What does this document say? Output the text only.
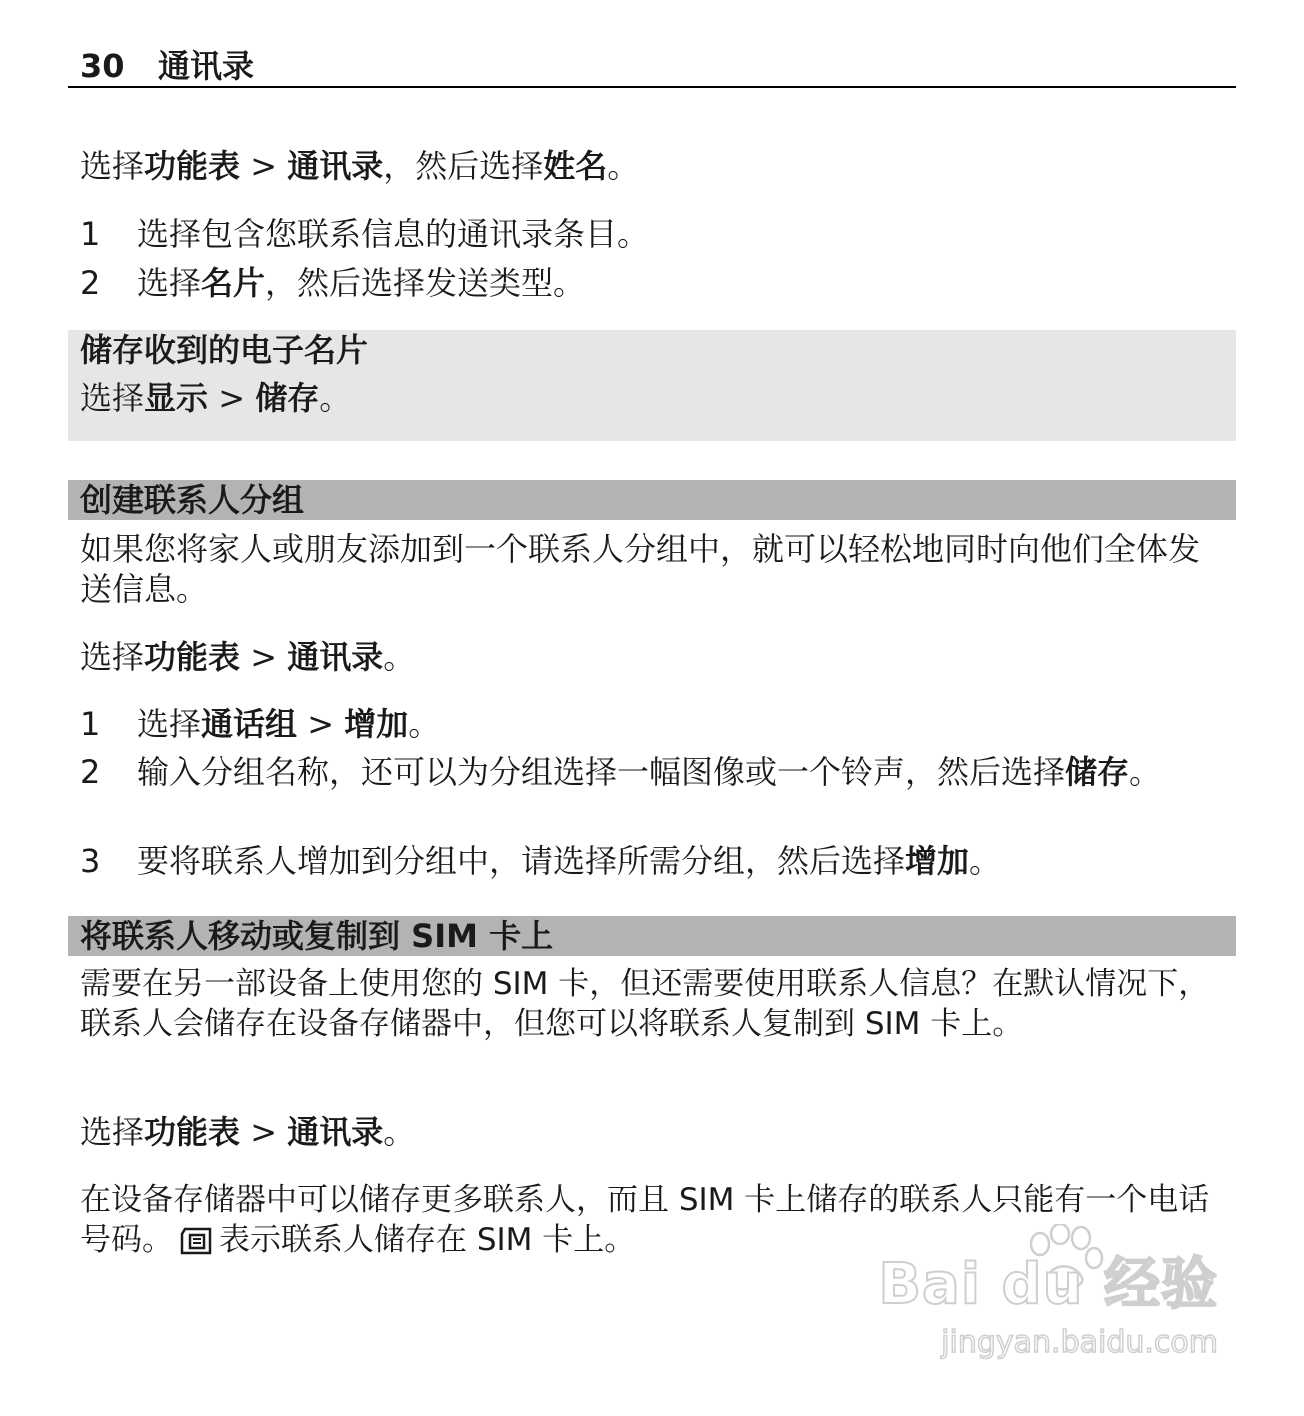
30 通讯录
选择功能表 > 通讯录，然后选择姓名。
1 选择包含您联系信息的通讯录条目。
2 选择名片，然后选择发送类型。
储存收到的电子名片
选择显示 > 储存。
创建联系人分组
如果您将家人或朋友添加到一个联系人分组中，就可以轻松地同时向他们全体发送信息。
选择功能表 > 通讯录。
1 选择通话组 > 增加。
2 输入分组名称，还可以为分组选择一幅图像或一个铃声，然后选择储存。
3 要将联系人增加到分组中，请选择所需分组，然后选择增加。
将联系人移动或复制到 SIM 卡上
需要在另一部设备上使用您的 SIM 卡，但还需要使用联系人信息？在默认情况下，联系人会储存在设备存储器中，但您可以将联系人复制到 SIM 卡上。
选择功能表 > 通讯录。
在设备存储器中可以储存更多联系人，而且 SIM 卡上储存的联系人只能有一个电话号码。 表示联系人储存在 SIM 卡上。
Bai du 经验
jingyan.baidu.com
